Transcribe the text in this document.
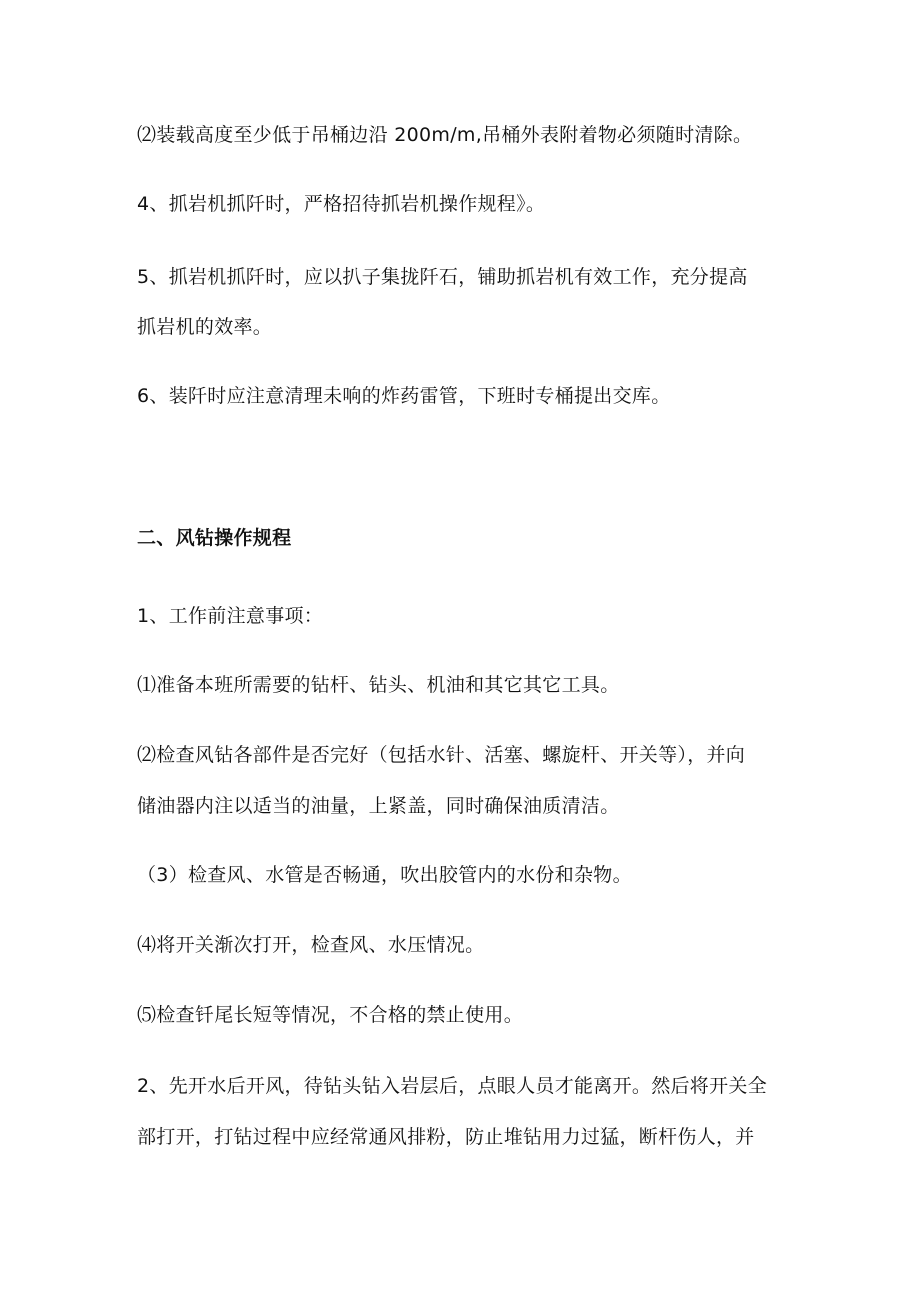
⑵装载高度至少低于吊桶边沿 200m∕m,吊桶外表附着物必须随时清除。
4、抓岩机抓阡时，严格招待抓岩机操作规程》。
5、抓岩机抓阡时，应以扒子集拢阡石，铺助抓岩机有效工作，充分提高
抓岩机的效率。
6、装阡时应注意清理未响的炸药雷管，下班时专桶提出交库。
二、风钻操作规程
1、工作前注意事项：
⑴准备本班所需要的钻杆、钻头、机油和其它其它工具。
⑵检查风钻各部件是否完好（包括水针、活塞、螺旋杆、开关等），并向
储油器内注以适当的油量，上紧盖，同时确保油质清洁。
（3）检查风、水管是否畅通，吹出胶管内的水份和杂物。
⑷将开关渐次打开，检查风、水压情况。
⑸检查钎尾长短等情况，不合格的禁止使用。
2、先开水后开风，待钻头钻入岩层后，点眼人员才能离开。然后将开关全
部打开，打钻过程中应经常通风排粉，防止堆钻用力过猛，断杆伤人，并
